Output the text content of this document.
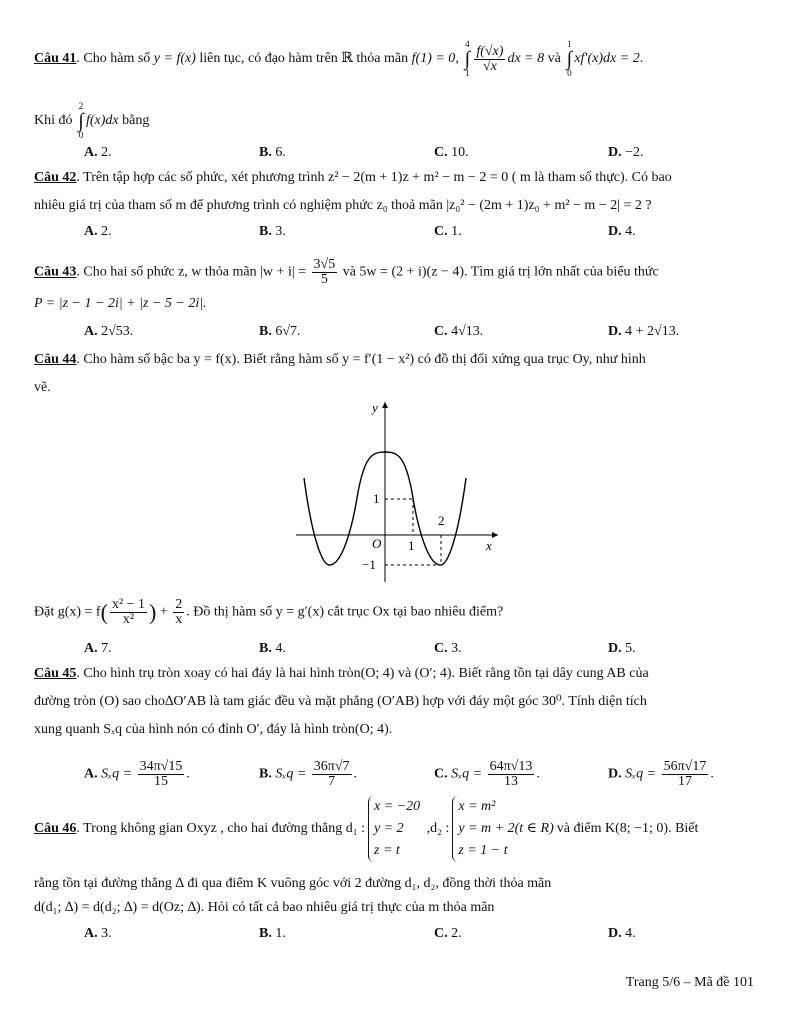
Câu 41. Cho hàm số y = f(x) liên tục, có đạo hàm trên ℝ thỏa mãn f(1) = 0, 4
∫
$1 \frac{f(√x)}{√x}$ dx = 8 và 1
∫
0xf′(x)dx = 2.
Khi đó 2
∫
0f(x)dx bằng
A. 2.	B. 6.	C. 10.	D. −2.
Câu 42. Trên tập hợp các số phức, xét phương trình z² − 2(m + 1)z + m² − m − 2 = 0 ( m là tham số thực). Có bao
nhiêu giá trị của tham số m để phương trình có nghiệm phức z₀ thoả mãn |z₀² − (2m + 1)z₀ + m² − m − 2| = 2 ?
A. 2.	B. 3.	C. 1.	D. 4.
Câu 43. Cho hai số phức z, w thỏa mãn $|w + i| = \frac{3√5}{5}$ và 5w = (2 + i)(z − 4). Tìm giá trị lớn nhất của biểu thức
P = |z − 1 − 2i| + |z − 5 − 2i|.
A. 2√53.	B. 6√7.	C. 4√13.	D. 4 + 2√13.
Câu 44. Cho hàm số bậc ba y = f(x). Biết rằng hàm số y = f′(1 − x²) có đồ thị đối xứng qua trục Oy, như hình
vẽ.
Đặt $g(x) = f( \frac{\text{x² − 1}}{\text{x²}}$ ) + $\frac{2}{x}$ . Đồ thị hàm số y = g′(x) cắt trục Ox tại bao nhiêu điểm?
A. 7.	B. 4.	C. 3.	D. 5.
Câu 45. Cho hình trụ tròn xoay có hai đáy là hai hình tròn(O; 4) và (O′; 4). Biết rằng tồn tại dây cung AB của
đường tròn (O) sao cho∆O′AB là tam giác đều và mặt phẳng (O′AB) hợp với đáy một góc 30⁰. Tính diện tích
xung quanh Sₓq của hình nón có đỉnh O′, đáy là hình tròn(O; 4).
A. $S_xq = \frac{34\pi√15}{15}$ .	B. $S_xq = \frac{36\pi√7}{7}$ .	C. $S_xq = \frac{64\pi√13}{13}$ .	D. $S_xq = \frac{56\pi√17}{17}$ .
Câu 46. Trong không gian Oxyz , cho hai đường thẳng d₁ :x = −20
y = 2
z = t ,d₂ :x = m²
y = m + 2(t ∈ R)
z = 1 − tvà điểm K(8; −1; 0). Biết
rằng tồn tại đường thẳng ∆ đi qua điểm K vuông góc với 2 đường d₁, d₂, đồng thời thỏa mãn
d(d₁; ∆) = d(d₂; ∆) = d(Oz; ∆). Hỏi có tất cả bao nhiêu giá trị thực của m thỏa mãn
A. 3.	B. 1.	C. 2.	D. 4.
y
x
O
1
−1
1
2
Trang 5/6 – Mã đề 101
